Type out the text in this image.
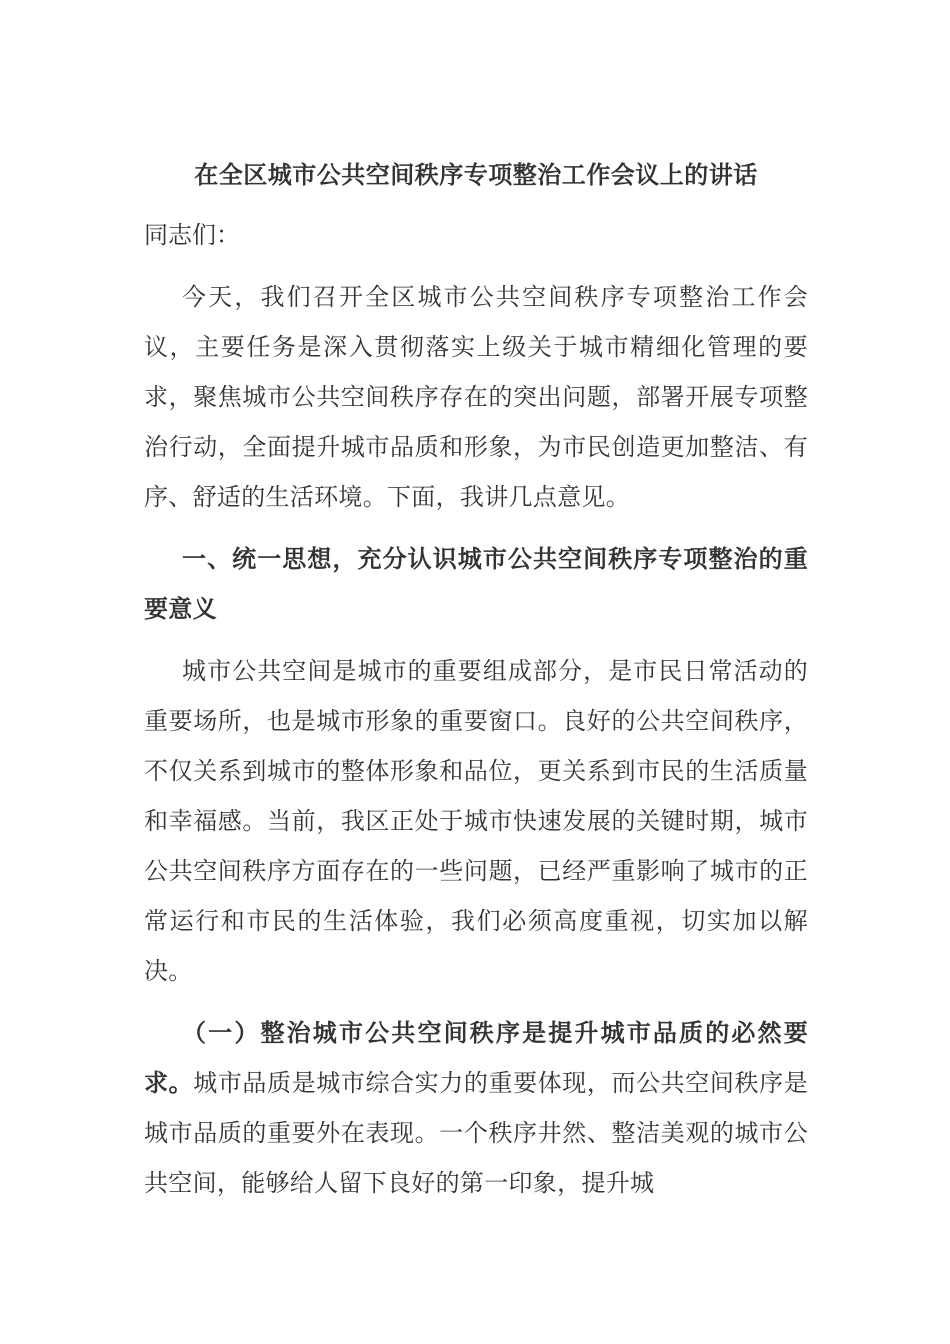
在全区城市公共空间秩序专项整治工作会议上的讲话

同志们：

今天，我们召开全区城市公共空间秩序专项整治工作会议，主要任务是深入贯彻落实上级关于城市精细化管理的要求，聚焦城市公共空间秩序存在的突出问题，部署开展专项整治行动，全面提升城市品质和形象，为市民创造更加整洁、有序、舒适的生活环境。下面，我讲几点意见。

一、统一思想，充分认识城市公共空间秩序专项整治的重要意义

城市公共空间是城市的重要组成部分，是市民日常活动的重要场所，也是城市形象的重要窗口。良好的公共空间秩序，不仅关系到城市的整体形象和品位，更关系到市民的生活质量和幸福感。当前，我区正处于城市快速发展的关键时期，城市公共空间秩序方面存在的一些问题，已经严重影响了城市的正常运行和市民的生活体验，我们必须高度重视，切实加以解决。

（一）整治城市公共空间秩序是提升城市品质的必然要求。城市品质是城市综合实力的重要体现，而公共空间秩序是城市品质的重要外在表现。一个秩序井然、整洁美观的城市公共空间，能够给人留下良好的第一印象，提升城
